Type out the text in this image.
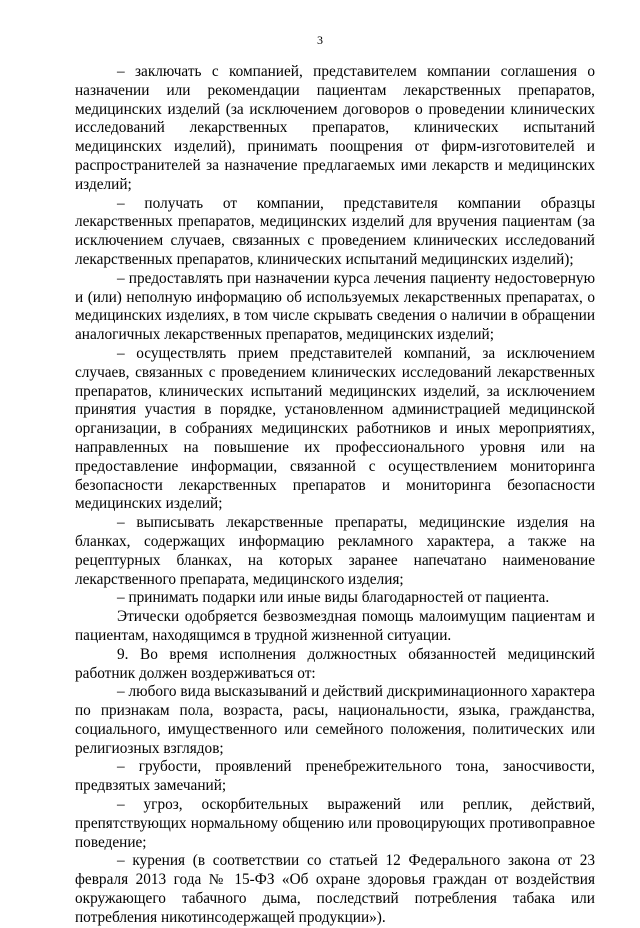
3

– заключать с компанией, представителем компании соглашения о назначении или рекомендации пациентам лекарственных препаратов, медицинских изделий (за исключением договоров о проведении клинических исследований лекарственных препаратов, клинических испытаний медицинских изделий), принимать поощрения от фирм-изготовителей и распространителей за назначение предлагаемых ими лекарств и медицинских изделий;

– получать от компании, представителя компании образцы лекарственных препаратов, медицинских изделий для вручения пациентам (за исключением случаев, связанных с проведением клинических исследований лекарственных препаратов, клинических испытаний медицинских изделий);

– предоставлять при назначении курса лечения пациенту недостоверную и (или) неполную информацию об используемых лекарственных препаратах, о медицинских изделиях, в том числе скрывать сведения о наличии в обращении аналогичных лекарственных препаратов, медицинских изделий;

– осуществлять прием представителей компаний, за исключением случаев, связанных с проведением клинических исследований лекарственных препаратов, клинических испытаний медицинских изделий, за исключением принятия участия в порядке, установленном администрацией медицинской организации, в собраниях медицинских работников и иных мероприятиях, направленных на повышение их профессионального уровня или на предоставление информации, связанной с осуществлением мониторинга безопасности лекарственных препаратов и мониторинга безопасности медицинских изделий;

– выписывать лекарственные препараты, медицинские изделия на бланках, содержащих информацию рекламного характера, а также на рецептурных бланках, на которых заранее напечатано наименование лекарственного препарата, медицинского изделия;

– принимать подарки или иные виды благодарностей от пациента.

Этически одобряется безвозмездная помощь малоимущим пациентам и пациентам, находящимся в трудной жизненной ситуации.

9. Во время исполнения должностных обязанностей медицинский работник должен воздерживаться от:

– любого вида высказываний и действий дискриминационного характера по признакам пола, возраста, расы, национальности, языка, гражданства, социального, имущественного или семейного положения, политических или религиозных взглядов;

– грубости, проявлений пренебрежительного тона, заносчивости, предвзятых замечаний;

– угроз, оскорбительных выражений или реплик, действий, препятствующих нормальному общению или провоцирующих противоправное поведение;

– курения (в соответствии со статьей 12 Федерального закона от 23 февраля 2013 года № 15-ФЗ «Об охране здоровья граждан от воздействия окружающего табачного дыма, последствий потребления табака или потребления никотинсодержащей продукции»).
